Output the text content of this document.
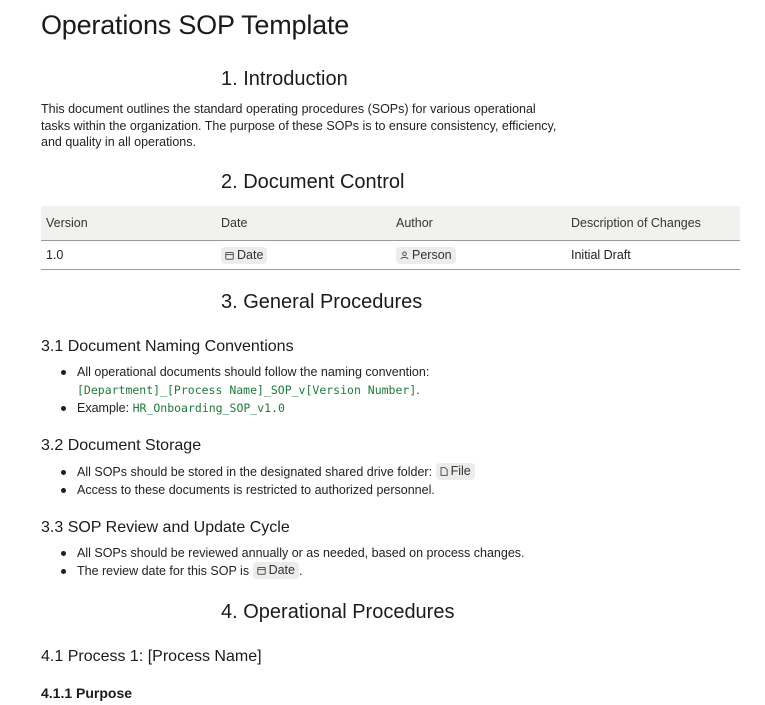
Operations SOP Template
1. Introduction

This document outlines the standard operating procedures (SOPs) for various operational tasks within the organization. The purpose of these SOPs is to ensure consistency, efficiency, and quality in all operations.

2. Document Control
Version	Date	Author	Description of Changes
1.0	Date	Person	Initial Draft
3. General Procedures
3.1 Document Naming Conventions
All operational documents should follow the naming convention:
[Department]_[Process Name]_SOP_v[Version Number].
Example: HR_Onboarding_SOP_v1.0
3.2 Document Storage
All SOPs should be stored in the designated shared drive folder: File
Access to these documents is restricted to authorized personnel.
3.3 SOP Review and Update Cycle
All SOPs should be reviewed annually or as needed, based on process changes.
The review date for this SOP is Date .
4. Operational Procedures
4.1 Process 1: [Process Name]
4.1.1 Purpose
